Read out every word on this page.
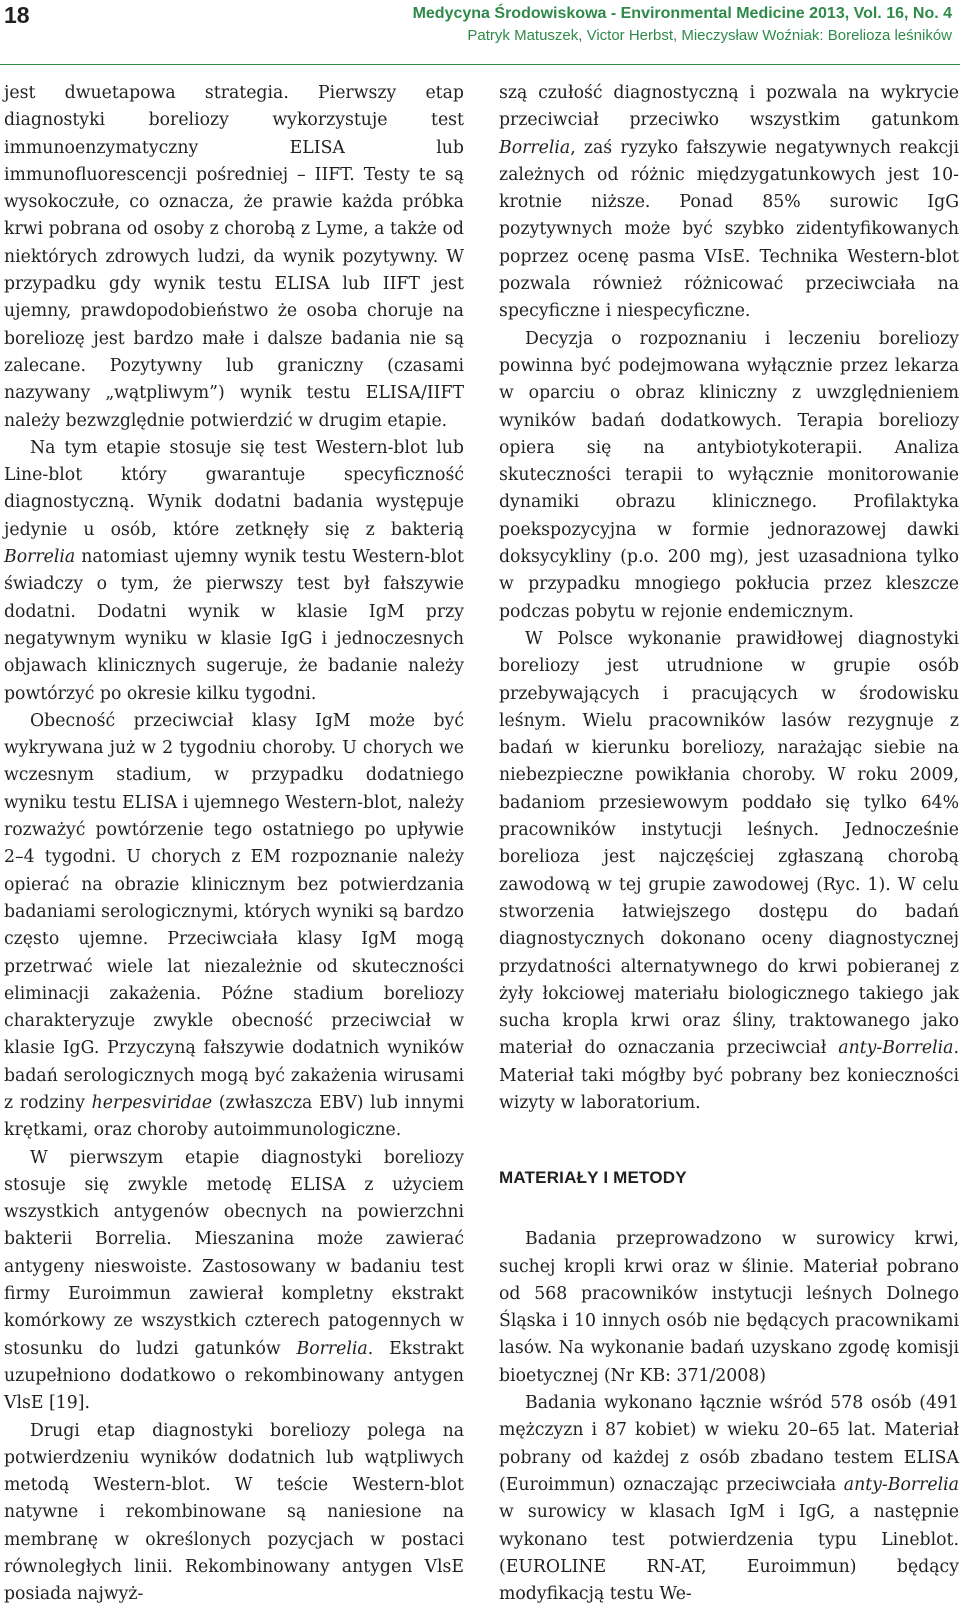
18	Medycyna Środowiskowa - Environmental Medicine 2013, Vol. 16, No. 4
Patryk Matuszek, Victor Herbst, Mieczysław Woźniak: Borelioza leśników

jest dwuetapowa strategia. Pierwszy etap diagnostyki boreliozy wykorzystuje test immunoenzymatyczny ELISA lub immunofluorescencji pośredniej – IIFT. Testy te są wysokoczułe, co oznacza, że prawie każda próbka krwi pobrana od osoby z chorobą z Lyme, a także od niektórych zdrowych ludzi, da wynik pozytywny. W przypadku gdy wynik testu ELISA lub IIFT jest ujemny, prawdopodobieństwo że osoba choruje na boreliozę jest bardzo małe i dalsze badania nie są zalecane. Pozytywny lub graniczny (czasami nazywany „wątpliwym”) wynik testu ELISA/IIFT należy bezwzględnie potwierdzić w drugim etapie.

Na tym etapie stosuje się test Western-blot lub Line-blot który gwarantuje specyficzność diagnostyczną. Wynik dodatni badania występuje jedynie u osób, które zetknęły się z bakterią Borrelia natomiast ujemny wynik testu Western-blot świadczy o tym, że pierwszy test był fałszywie dodatni. Dodatni wynik w klasie IgM przy negatywnym wyniku w klasie IgG i jednoczesnych objawach klinicznych sugeruje, że badanie należy powtórzyć po okresie kilku tygodni.

Obecność przeciwciał klasy IgM może być wykrywana już w 2 tygodniu choroby. U chorych we wczesnym stadium, w przypadku dodatniego wyniku testu ELISA i ujemnego Western-blot, należy rozważyć powtórzenie tego ostatniego po upływie 2–4 tygodni. U chorych z EM rozpoznanie należy opierać na obrazie klinicznym bez potwierdzania badaniami serologicznymi, których wyniki są bardzo często ujemne. Przeciwciała klasy IgM mogą przetrwać wiele lat niezależnie od skuteczności eliminacji zakażenia. Późne stadium boreliozy charakteryzuje zwykle obecność przeciwciał w klasie IgG. Przyczyną fałszywie dodatnich wyników badań serologicznych mogą być zakażenia wirusami z rodziny herpesviridae (zwłaszcza EBV) lub innymi krętkami, oraz choroby autoimmunologiczne.

W pierwszym etapie diagnostyki boreliozy stosuje się zwykle metodę ELISA z użyciem wszystkich antygenów obecnych na powierzchni bakterii Borrelia. Mieszanina może zawierać antygeny nieswoiste. Zastosowany w badaniu test firmy Euroimmun zawierał kompletny ekstrakt komórkowy ze wszystkich czterech patogennych w stosunku do ludzi gatunków Borrelia. Ekstrakt uzupełniono dodatkowo o rekombinowany antygen VlsE [19].

Drugi etap diagnostyki boreliozy polega na potwierdzeniu wyników dodatnich lub wątpliwych metodą Western-blot. W teście Western-blot natywne i rekombinowane są naniesione na membranę w określonych pozycjach w postaci równoległych linii. Rekombinowany antygen VlsE posiada najwyż-

szą czułość diagnostyczną i pozwala na wykrycie przeciwciał przeciwko wszystkim gatunkom Borrelia, zaś ryzyko fałszywie negatywnych reakcji zależnych od różnic międzygatunkowych jest 10-krotnie niższe. Ponad 85% surowic IgG pozytywnych może być szybko zidentyfikowanych poprzez ocenę pasma VIsE. Technika Western-blot pozwala również różnicować przeciwciała na specyficzne i niespecyficzne.

Decyzja o rozpoznaniu i leczeniu boreliozy powinna być podejmowana wyłącznie przez lekarza w oparciu o obraz kliniczny z uwzględnieniem wyników badań dodatkowych. Terapia boreliozy opiera się na antybiotykoterapii. Analiza skuteczności terapii to wyłącznie monitorowanie dynamiki obrazu klinicznego. Profilaktyka poekspozycyjna w formie jednorazowej dawki doksycykliny (p.o. 200 mg), jest uzasadniona tylko w przypadku mnogiego pokłucia przez kleszcze podczas pobytu w rejonie endemicznym.

W Polsce wykonanie prawidłowej diagnostyki boreliozy jest utrudnione w grupie osób przebywających i pracujących w środowisku leśnym. Wielu pracowników lasów rezygnuje z badań w kierunku boreliozy, narażając siebie na niebezpieczne powikłania choroby. W roku 2009, badaniom przesiewowym poddało się tylko 64% pracowników instytucji leśnych. Jednocześnie borelioza jest najczęściej zgłaszaną chorobą zawodową w tej grupie zawodowej (Ryc. 1). W celu stworzenia łatwiejszego dostępu do badań diagnostycznych dokonano oceny diagnostycznej przydatności alternatywnego do krwi pobieranej z żyły łokciowej materiału biologicznego takiego jak sucha kropla krwi oraz śliny, traktowanego jako materiał do oznaczania przeciwciał anty-Borrelia. Materiał taki mógłby być pobrany bez konieczności wizyty w laboratorium.

MATERIAŁY I METODY

Badania przeprowadzono w surowicy krwi, suchej kropli krwi oraz w ślinie. Materiał pobrano od 568 pracowników instytucji leśnych Dolnego Śląska i 10 innych osób nie będących pracownikami lasów. Na wykonanie badań uzyskano zgodę komisji bioetycznej (Nr KB: 371/2008)

Badania wykonano łącznie wśród 578 osób (491 mężczyzn i 87 kobiet) w wieku 20–65 lat. Materiał pobrany od każdej z osób zbadano testem ELISA (Euroimmun) oznaczając przeciwciała anty-Borrelia w surowicy w klasach IgM i IgG, a następnie wykonano test potwierdzenia typu Lineblot. (EUROLINE RN-AT, Euroimmun) będący modyfikacją testu We-
